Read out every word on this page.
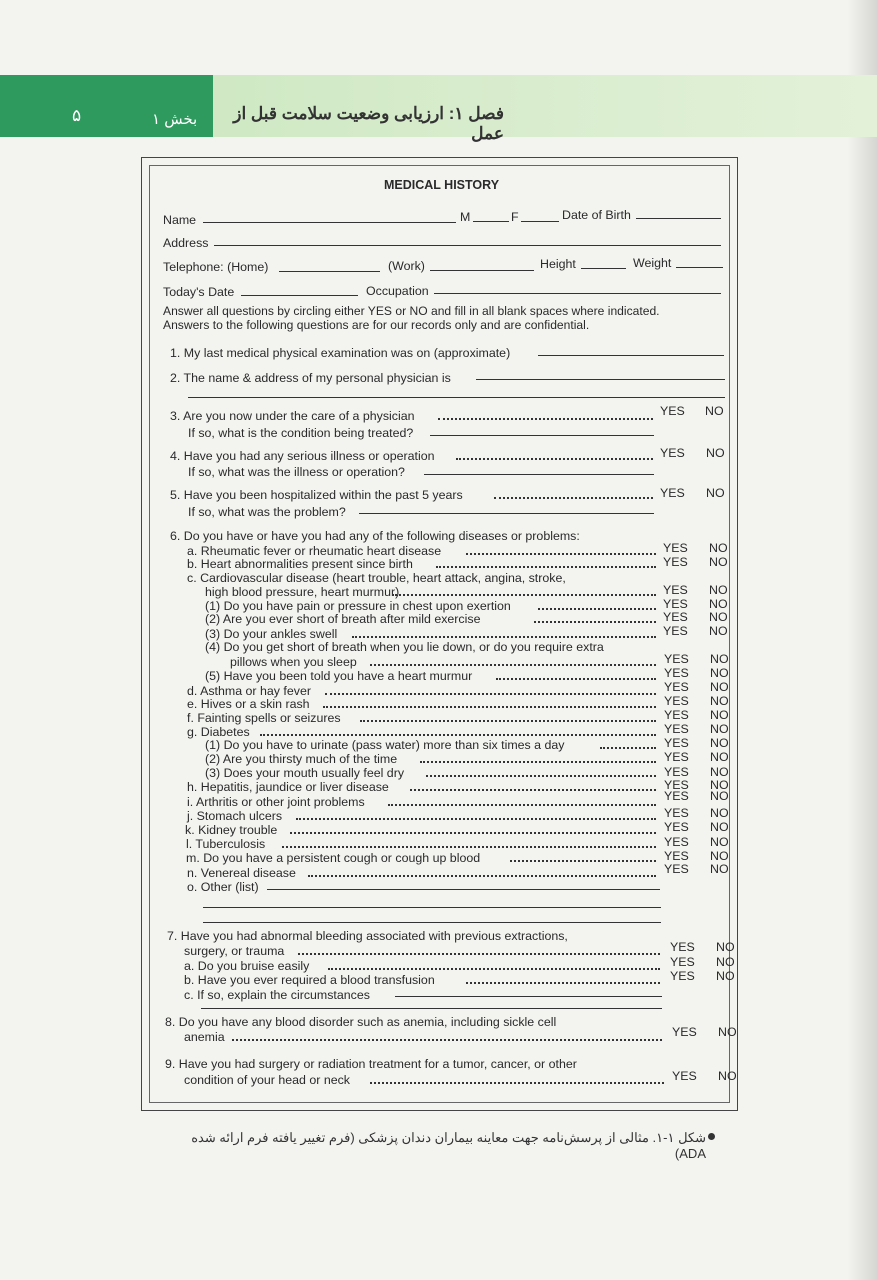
۵	بخش ۱	فصل ۱: ارزیابی وضعیت سلامت قبل از عمل
MEDICAL HISTORY
Name	M	F	Date of Birth
Address
Telephone: (Home)	(Work)	Height	Weight
Today's Date	Occupation
Answer all questions by circling either YES or NO and fill in all blank spaces where indicated.
Answers to the following questions are for our records only and are confidential.
1. My last medical physical examination was on (approximate)
2. The name & address of my personal physician is
3. Are you now under the care of a physician	YES NO
If so, what is the condition being treated?
4. Have you had any serious illness or operation	YES NO
If so, what was the illness or operation?
5. Have you been hospitalized within the past 5 years	YES NO
If so, what was the problem?
6. Do you have or have you had any of the following diseases or problems:
a. Rheumatic fever or rheumatic heart disease	YES NO
b. Heart abnormalities present since birth	YES NO
c. Cardiovascular disease (heart trouble, heart attack, angina, stroke,
high blood pressure, heart murmur)	YES NO
(1) Do you have pain or pressure in chest upon exertion	YES NO
(2) Are you ever short of breath after mild exercise	YES NO
(3) Do your ankles swell	YES NO
(4) Do you get short of breath when you lie down, or do you require extra
pillows when you sleep	YES NO
(5) Have you been told you have a heart murmur	YES NO
d. Asthma or hay fever	YES NO
e. Hives or a skin rash	YES NO
f. Fainting spells or seizures	YES NO
g. Diabetes	YES NO
(1) Do you have to urinate (pass water) more than six times a day	YES NO
(2) Are you thirsty much of the time	YES NO
(3) Does your mouth usually feel dry	YES NO
h. Hepatitis, jaundice or liver disease	YES NO
i. Arthritis or other joint problems	YES NO
j. Stomach ulcers	YES NO
k. Kidney trouble	YES NO
l. Tuberculosis	YES NO
m. Do you have a persistent cough or cough up blood	YES NO
n. Venereal disease	YES NO
o. Other (list)
7. Have you had abnormal bleeding associated with previous extractions,
surgery, or trauma	YES NO
a. Do you bruise easily	YES NO
b. Have you ever required a blood transfusion	YES NO
c. If so, explain the circumstances
8. Do you have any blood disorder such as anemia, including sickle cell
anemia	YES NO
9. Have you had surgery or radiation treatment for a tumor, cancer, or other
condition of your head or neck	YES NO
شکل ۱-۱. مثالی از پرسش‌نامه جهت معاینه بیماران دندان پزشکی (فرم تغییر یافته فرم ارائه شده ADA)
